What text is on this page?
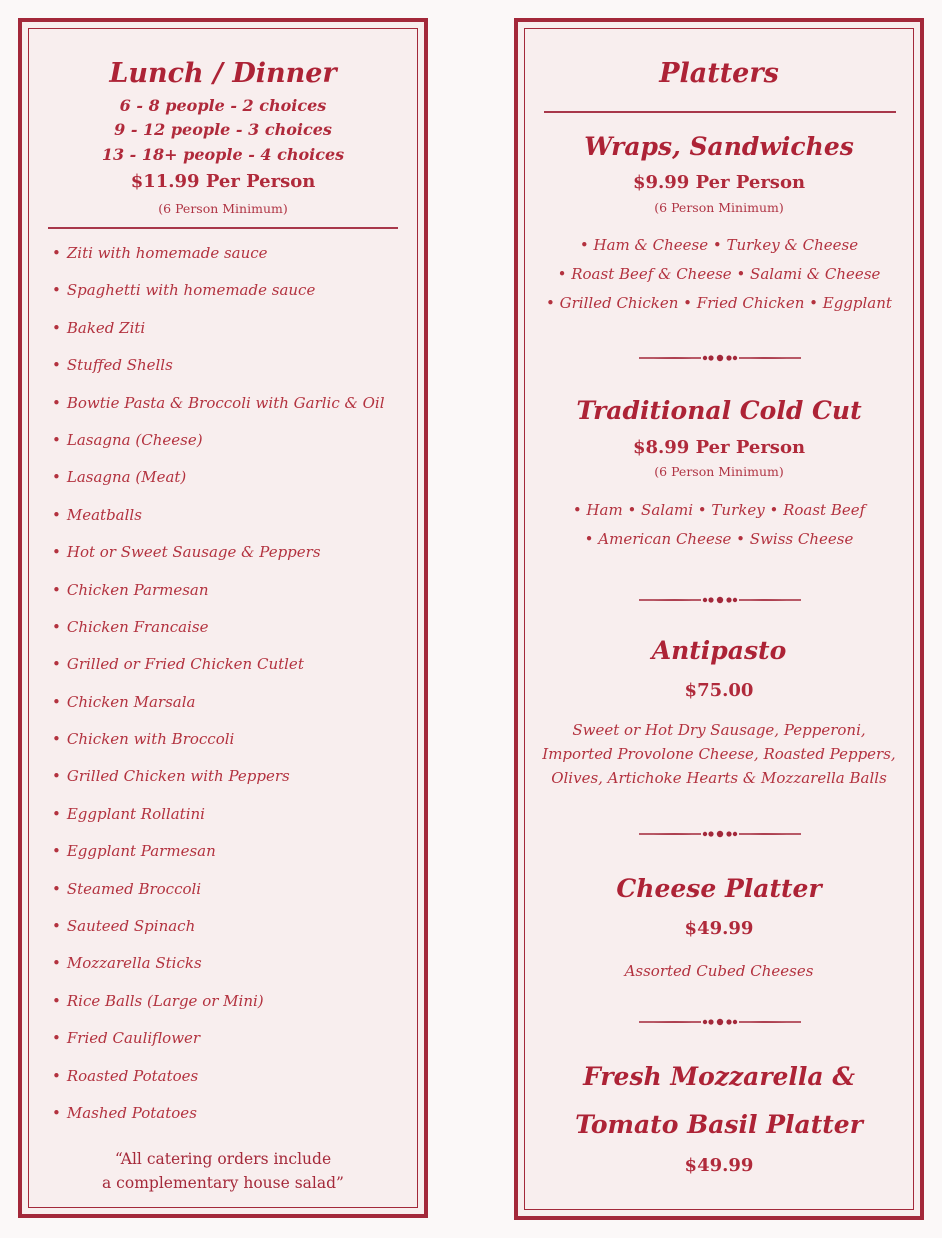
Lunch / Dinner
6 - 8 people - 2 choices
9 - 12 people - 3 choices
13 - 18+ people - 4 choices
$11.99 Per Person
(6 Person Minimum)
• Ziti with homemade sauce
• Spaghetti with homemade sauce
• Baked Ziti
• Stuffed Shells
• Bowtie Pasta & Broccoli with Garlic & Oil
• Lasagna (Cheese)
• Lasagna (Meat)
• Meatballs
• Hot or Sweet Sausage & Peppers
• Chicken Parmesan
• Chicken Francaise
• Grilled or Fried Chicken Cutlet
• Chicken Marsala
• Chicken with Broccoli
• Grilled Chicken with Peppers
• Eggplant Rollatini
• Eggplant Parmesan
• Steamed Broccoli
• Sauteed Spinach
• Mozzarella Sticks
• Rice Balls (Large or Mini)
• Fried Cauliflower
• Roasted Potatoes
• Mashed Potatoes
“All catering orders include
a complementary house salad”
Platters
Wraps, Sandwiches
$9.99 Per Person
(6 Person Minimum)
• Ham & Cheese • Turkey & Cheese
• Roast Beef & Cheese • Salami & Cheese
• Grilled Chicken • Fried Chicken • Eggplant
Traditional Cold Cut
$8.99 Per Person
(6 Person Minimum)
• Ham • Salami • Turkey • Roast Beef
• American Cheese • Swiss Cheese
Antipasto
$75.00
Sweet or Hot Dry Sausage, Pepperoni,
Imported Provolone Cheese, Roasted Peppers,
Olives, Artichoke Hearts & Mozzarella Balls
Cheese Platter
$49.99
Assorted Cubed Cheeses
Fresh Mozzarella &
Tomato Basil Platter
$49.99
